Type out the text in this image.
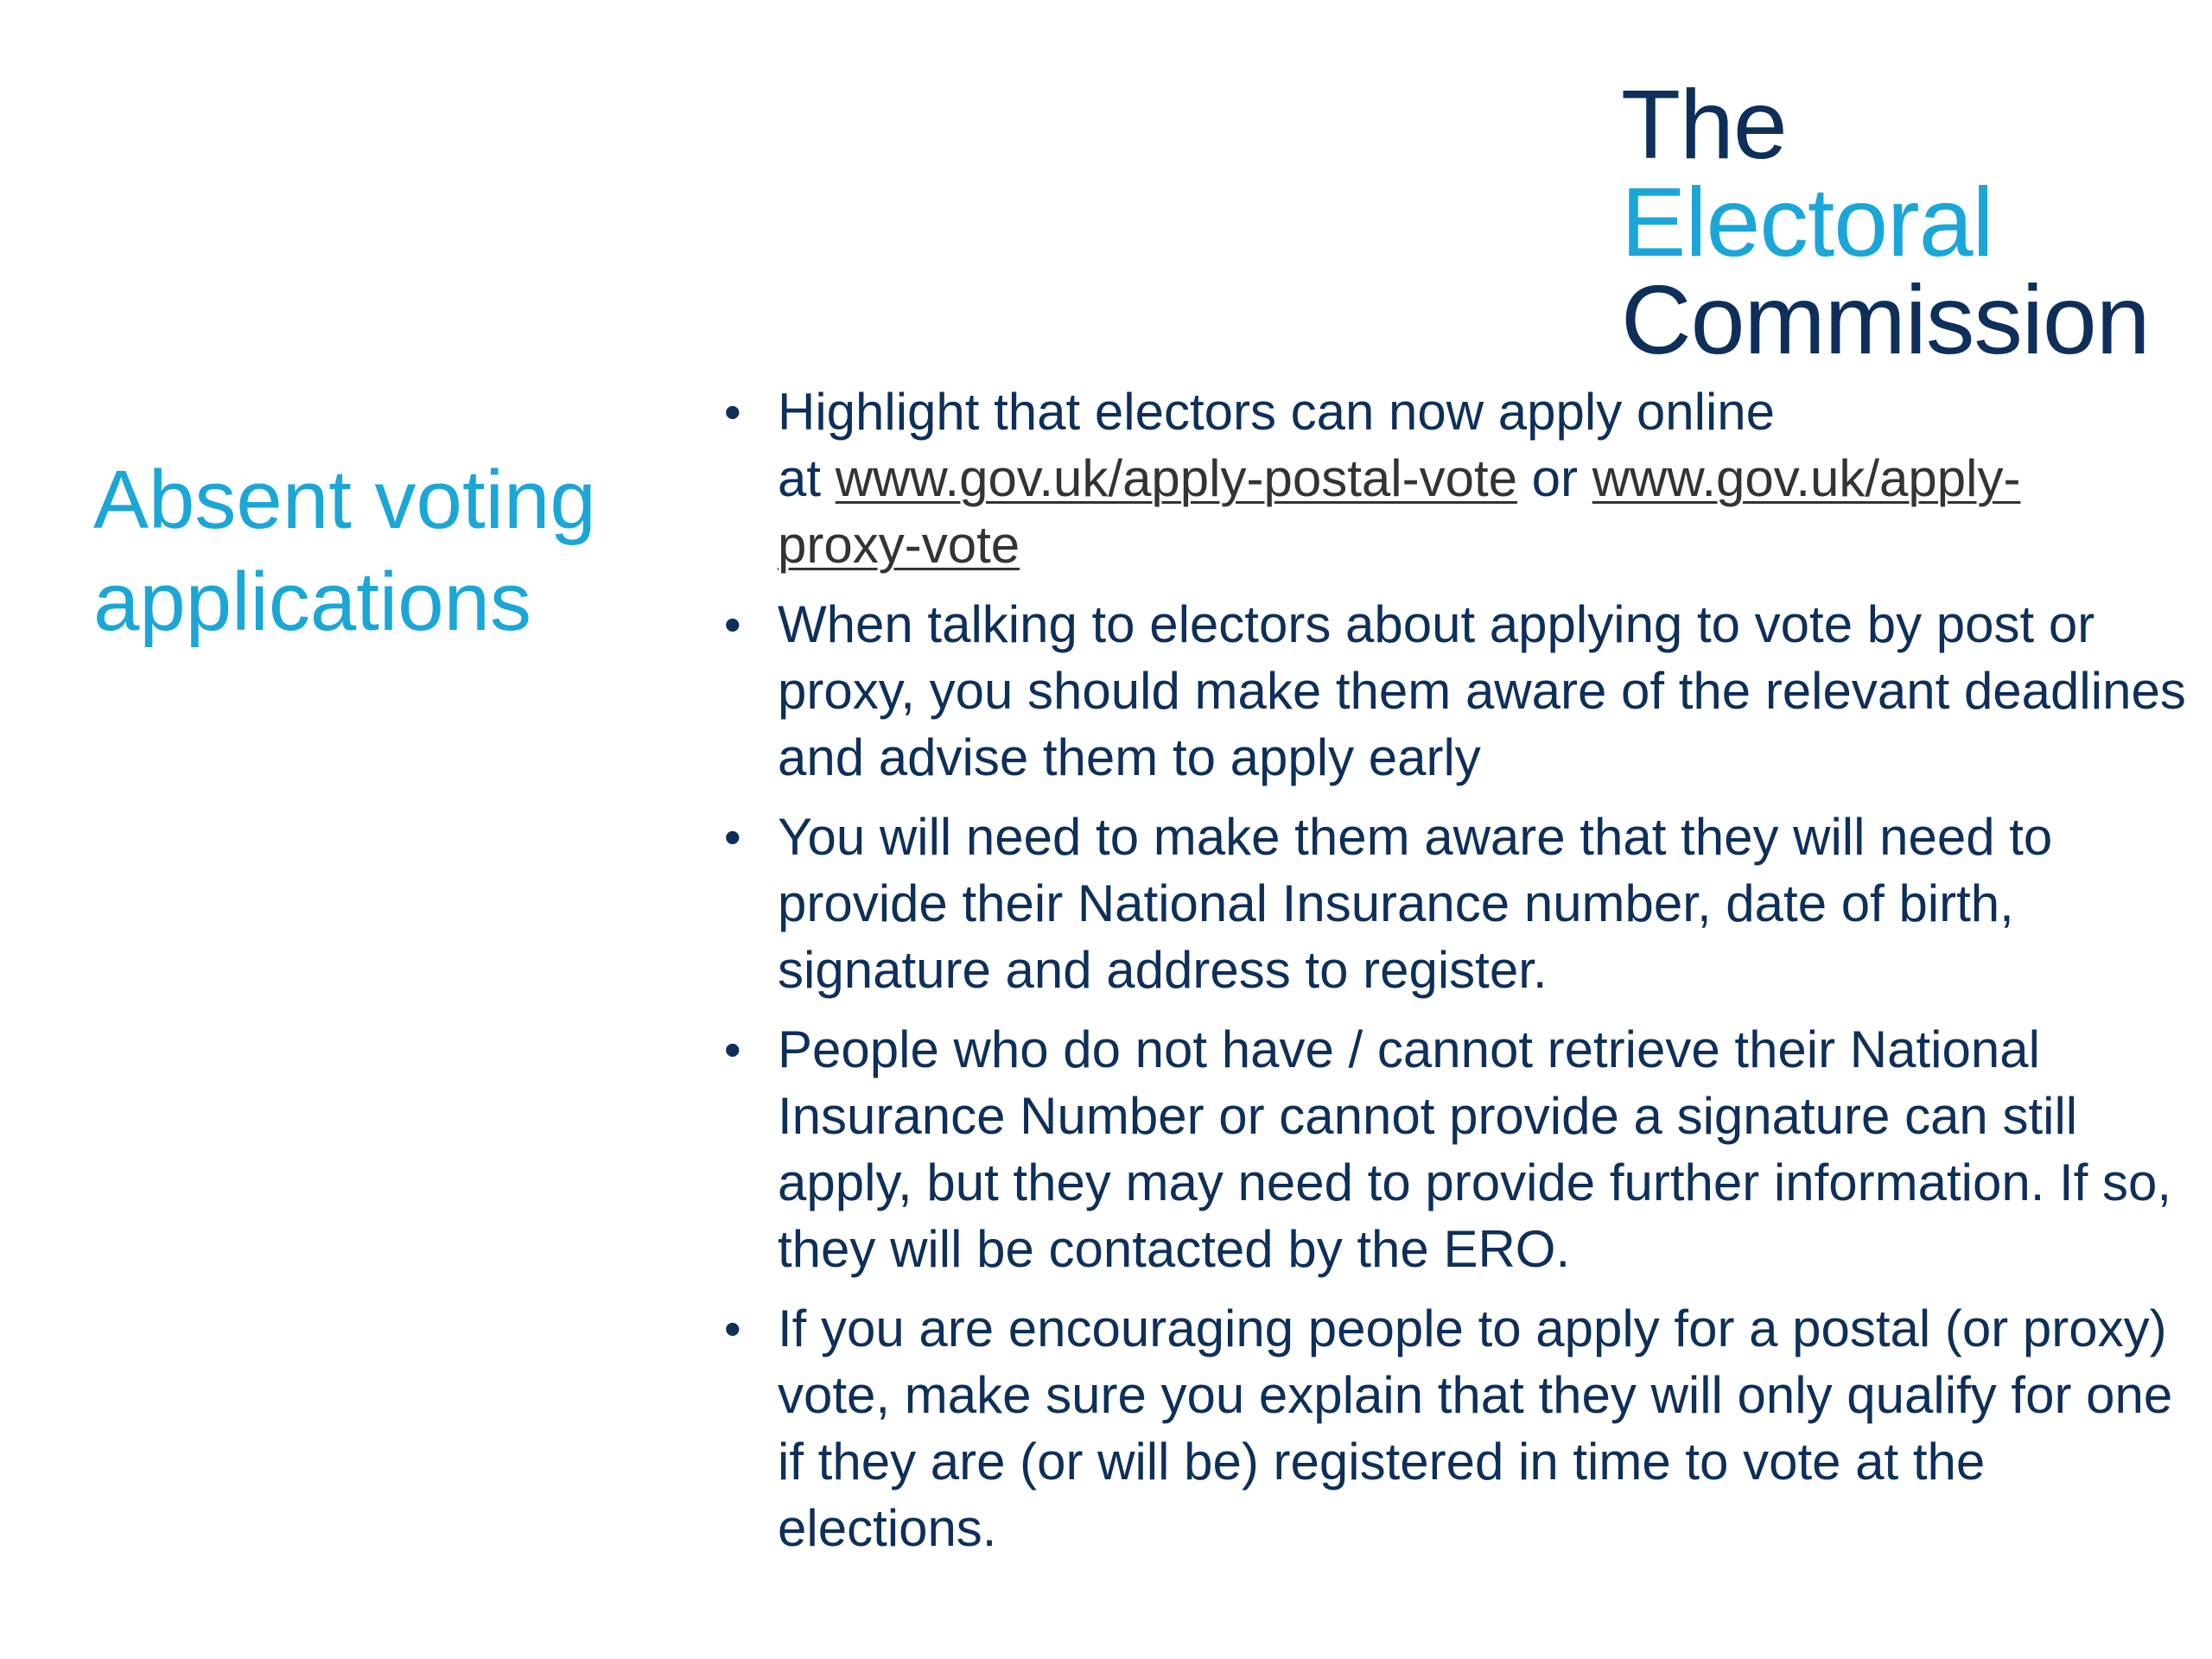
The
Electoral
Commission
Absent voting
applications
• Highlight that electors can now apply online
at www.gov.uk/apply-postal-vote or www.gov.uk/apply-
proxy-vote
• When talking to electors about applying to vote by post or proxy, you should make them aware of the relevant deadlines and advise them to apply early
• You will need to make them aware that they will need to provide their National Insurance number, date of birth, signature and address to register.
• People who do not have / cannot retrieve their National Insurance Number or cannot provide a signature can still apply, but they may need to provide further information. If so, they will be contacted by the ERO.
• If you are encouraging people to apply for a postal (or proxy) vote, make sure you explain that they will only qualify for one if they are (or will be) registered in time to vote at the elections.
